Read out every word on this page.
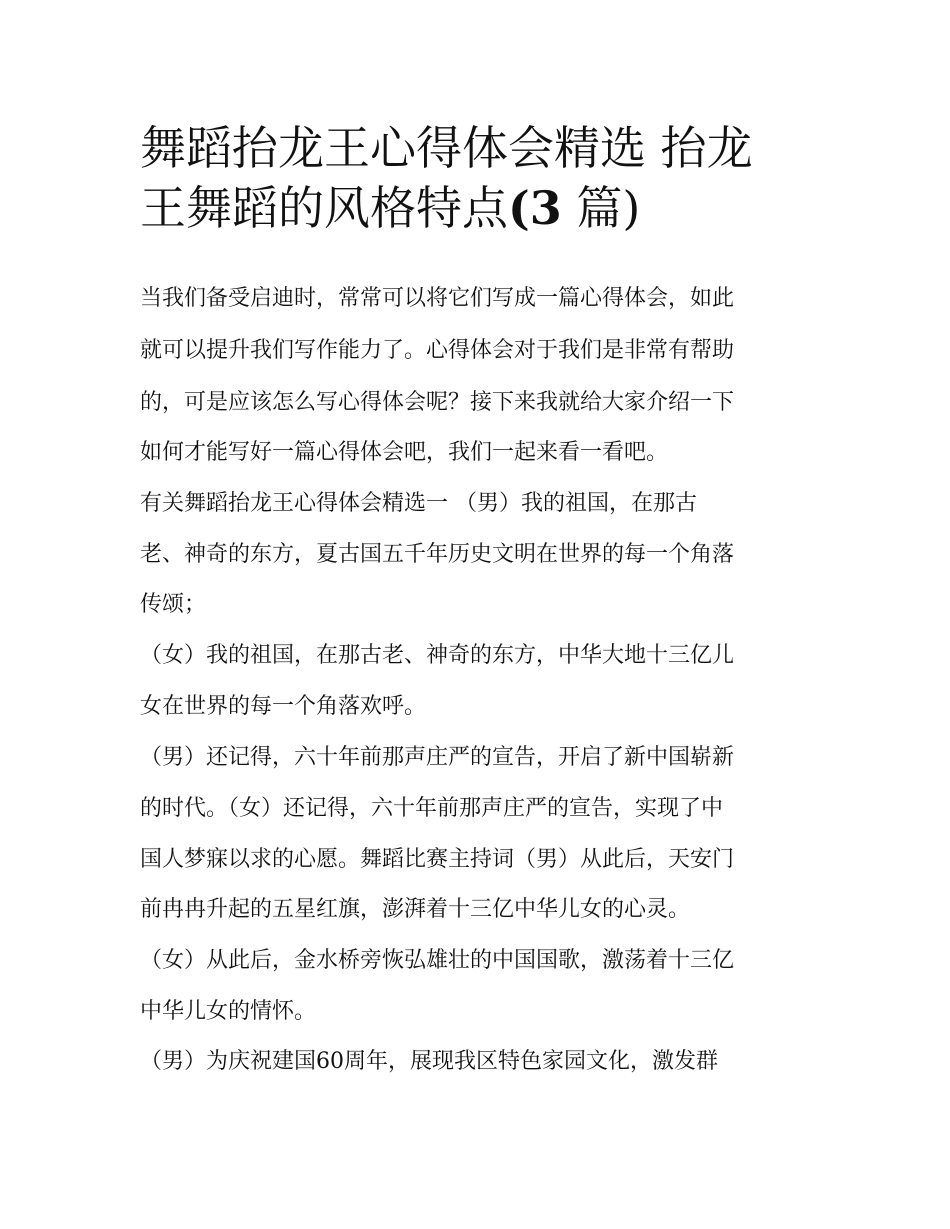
舞蹈抬龙王心得体会精选 抬龙
王舞蹈的风格特点(3 篇)

当我们备受启迪时，常常可以将它们写成一篇心得体会，如此

就可以提升我们写作能力了。心得体会对于我们是非常有帮助

的，可是应该怎么写心得体会呢？接下来我就给大家介绍一下

如何才能写好一篇心得体会吧，我们一起来看一看吧。

有关舞蹈抬龙王心得体会精选一 （男）我的祖国，在那古

老、神奇的东方，夏古国五千年历史文明在世界的每一个角落

传颂；

（女）我的祖国，在那古老、神奇的东方，中华大地十三亿儿

女在世界的每一个角落欢呼。

（男）还记得，六十年前那声庄严的宣告，开启了新中国崭新

的时代。（女）还记得，六十年前那声庄严的宣告，实现了中

国人梦寐以求的心愿。舞蹈比赛主持词（男）从此后，天安门

前冉冉升起的五星红旗，澎湃着十三亿中华儿女的心灵。

（女）从此后，金水桥旁恢弘雄壮的中国国歌，激荡着十三亿

中华儿女的情怀。

（男）为庆祝建国60周年，展现我区特色家园文化，激发群
